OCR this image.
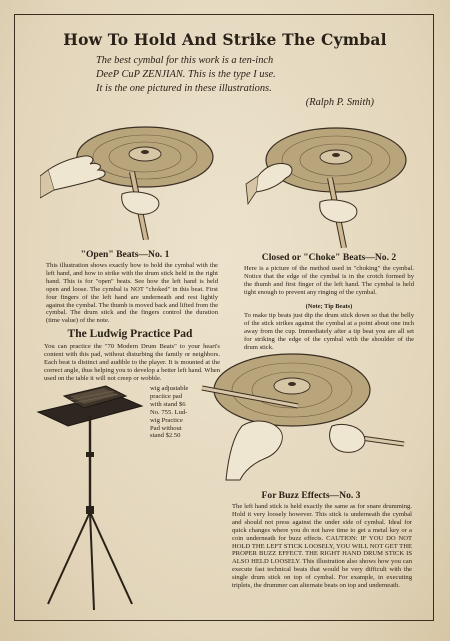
How To Hold And Strike The Cymbal
The best cymbal for this work is a ten-inch
DeeP CuP ZENJIAN. This is the type I use.
It is the one pictured in these illustrations.
(Ralph P. Smith)
"Open" Beats—No. 1

This illustration shows exactly how to hold the cymbal with the left hand, and how to strike with the drum stick held in the right hand. This is for "open" beats. See how the left hand is held open and loose. The cymbal is NOT "choked" in this beat. First four fingers of the left hand are underneath and rest lightly against the cymbal. The thumb is moved back and lifted from the cymbal. The drum stick and the fingers control the duration (time value) of the note.

Closed or "Choke" Beats—No. 2

Here is a picture of the method used in "choking" the cymbal. Notice that the edge of the cymbal is in the crotch formed by the thumb and first finger of the left hand. The cymbal is held tight enough to prevent any ringing of the cymbal.

(Note; Tip Beats)

To make tip beats just dip the drum stick down so that the belly of the stick strikes against the cymbal at a point about one inch away from the cup. Immediately after a tip beat you are all set for striking the edge of the cymbal with the shoulder of the drum stick.

The Ludwig Practice Pad

You can practice the "70 Modern Drum Beats" to your heart's content with this pad, without disturbing the family or neighbors. Each beat is distinct and audible to the player. It is mounted at the correct angle, thus helping you to develop a better left hand. When used on the table it will not creep or wobble.

wig adjustable
practice pad
with stand $6
No. 755. Lud-
wig Practice
Pad without
stand $2.50
For Buzz Effects—No. 3

The left hand stick is held exactly the same as for snare drumming. Hold it very loosely however. This stick is underneath the cymbal and should not press against the under side of cymbal. Ideal for quick changes where you do not have time to get a metal key or a coin underneath for buzz effects. CAUTION: IF YOU DO NOT HOLD THE LEFT STICK LOOSELY, YOU WILL NOT GET THE PROPER BUZZ EFFECT. THE RIGHT HAND DRUM STICK IS ALSO HELD LOOSELY. This illustration also shows how you can execute fast technical beats that would be very difficult with the single drum stick on top of cymbal. For example, in executing triplets, the drummer can alternate beats on top and underneath.
